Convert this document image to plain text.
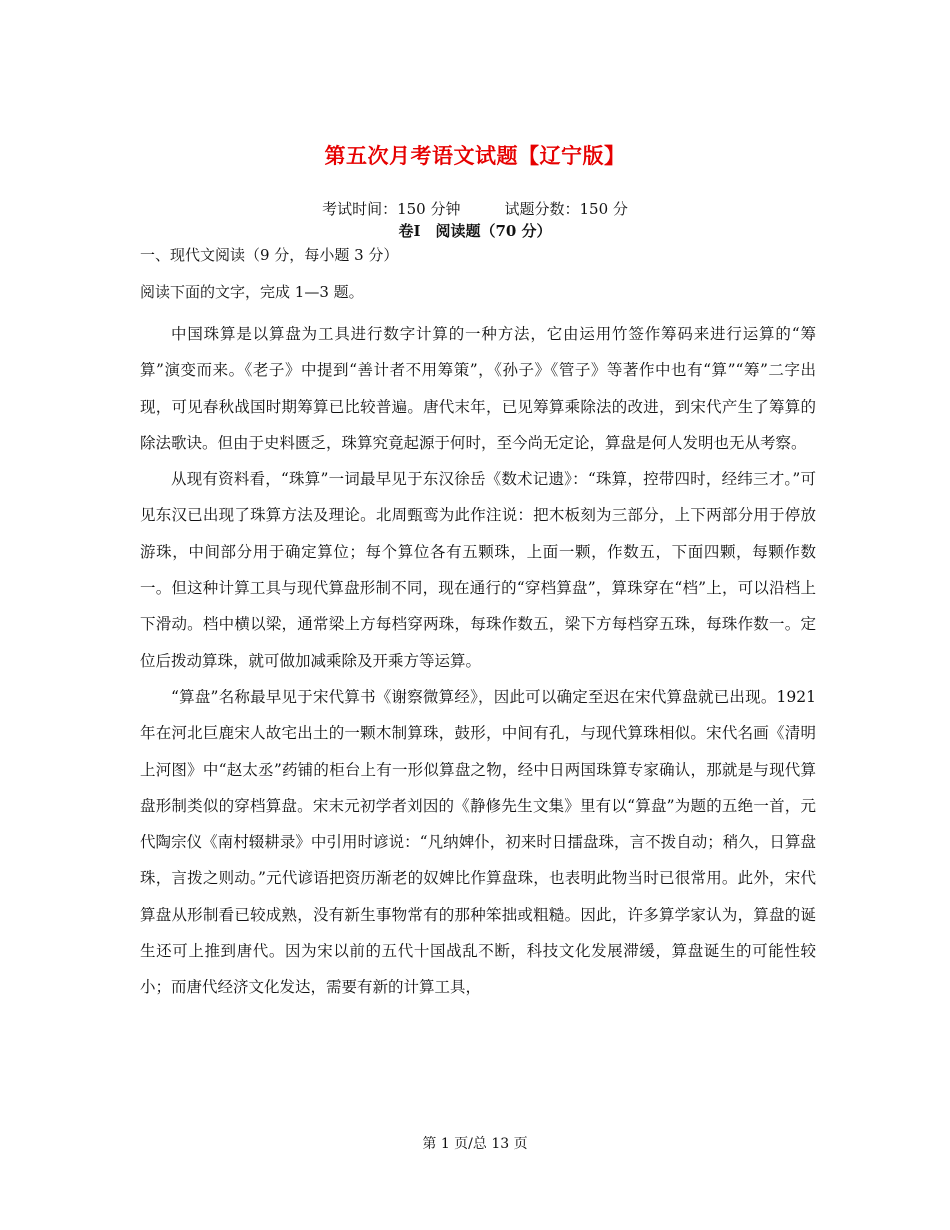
第五次月考语文试题【辽宁版】
考试时间：150 分钟	试题分数：150 分
卷Ⅰ　阅读题（70 分）
一、现代文阅读（9 分，每小题 3 分）
阅读下面的文字，完成 1—3 题。

中国珠算是以算盘为工具进行数字计算的一种方法，它由运用竹签作筹码来进行运算的“筹算”演变而来。《老子》中提到“善计者不用筹策”，《孙子》《管子》等著作中也有“算”“筹”二字出现，可见春秋战国时期筹算已比较普遍。唐代末年，已见筹算乘除法的改进，到宋代产生了筹算的除法歌诀。但由于史料匮乏，珠算究竟起源于何时，至今尚无定论，算盘是何人发明也无从考察。

从现有资料看，“珠算”一词最早见于东汉徐岳《数术记遗》：“珠算，控带四时，经纬三才。”可见东汉已出现了珠算方法及理论。北周甄鸾为此作注说：把木板刻为三部分，上下两部分用于停放游珠，中间部分用于确定算位；每个算位各有五颗珠，上面一颗，作数五，下面四颗，每颗作数一。但这种计算工具与现代算盘形制不同，现在通行的“穿档算盘”，算珠穿在“档”上，可以沿档上下滑动。档中横以梁，通常梁上方每档穿两珠，每珠作数五，梁下方每档穿五珠，每珠作数一。定位后拨动算珠，就可做加减乘除及开乘方等运算。

“算盘”名称最早见于宋代算书《谢察微算经》，因此可以确定至迟在宋代算盘就已出现。1921 年在河北巨鹿宋人故宅出土的一颗木制算珠，鼓形，中间有孔，与现代算珠相似。宋代名画《清明上河图》中“赵太丞”药铺的柜台上有一形似算盘之物，经中日两国珠算专家确认，那就是与现代算盘形制类似的穿档算盘。宋末元初学者刘因的《静修先生文集》里有以“算盘”为题的五绝一首，元代陶宗仪《南村辍耕录》中引用时谚说：“凡纳婢仆，初来时日擂盘珠，言不拨自动；稍久，日算盘珠，言拨之则动。”元代谚语把资历渐老的奴婢比作算盘珠，也表明此物当时已很常用。此外，宋代算盘从形制看已较成熟，没有新生事物常有的那种笨拙或粗糙。因此，许多算学家认为，算盘的诞生还可上推到唐代。因为宋以前的五代十国战乱不断，科技文化发展滞缓，算盘诞生的可能性较小；而唐代经济文化发达，需要有新的计算工具，

第 1 页/总 13 页
